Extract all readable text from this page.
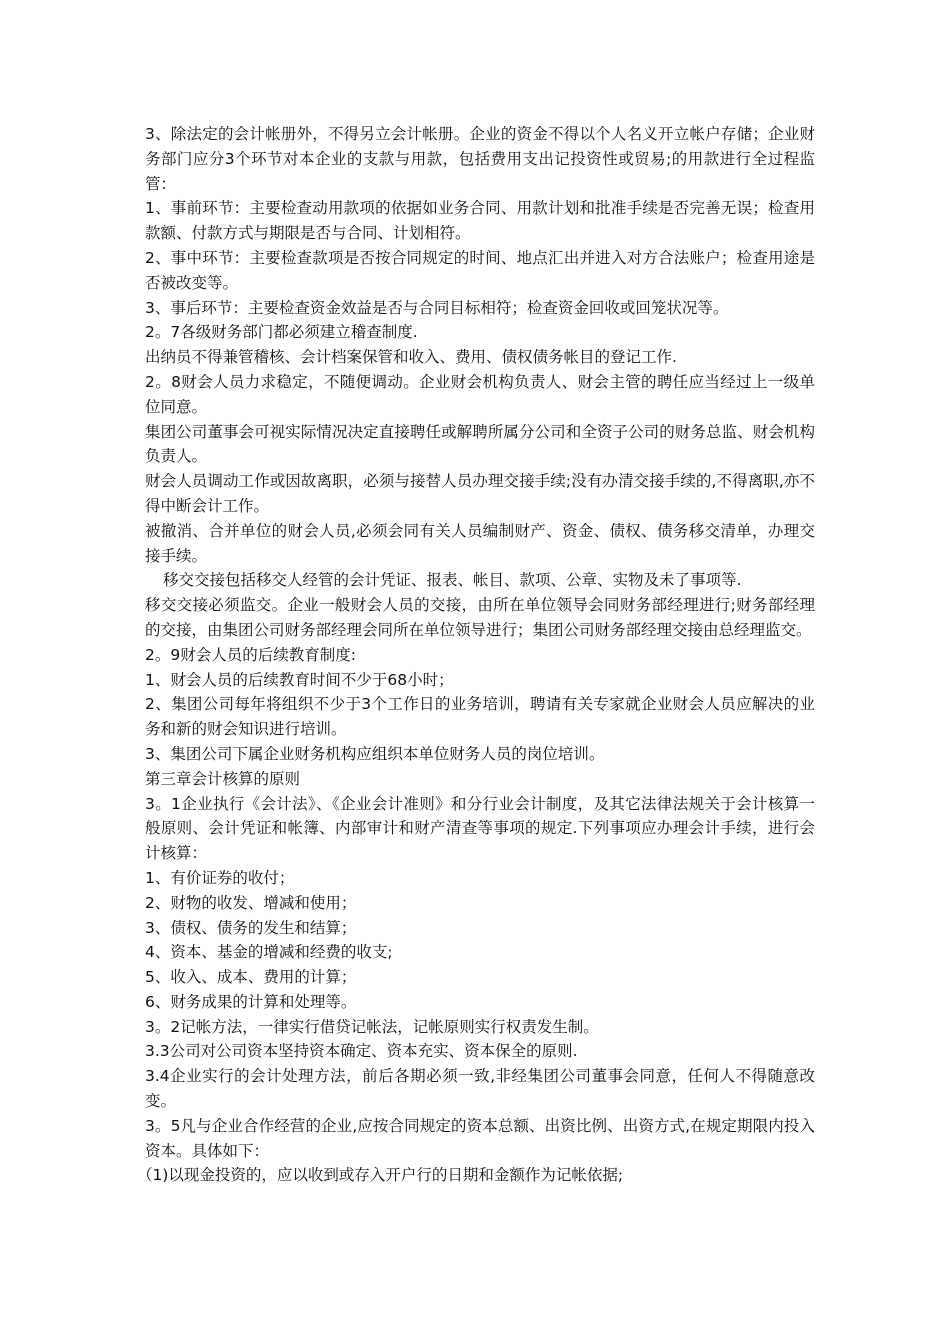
3、除法定的会计帐册外，不得另立会计帐册。企业的资金不得以个人名义开立帐户存储；企业财务部门应分3个环节对本企业的支款与用款，包括费用支出记投资性或贸易;的用款进行全过程监管：

1、事前环节：主要检查动用款项的依据如业务合同、用款计划和批准手续是否完善无误；检查用款额、付款方式与期限是否与合同、计划相符。

2、事中环节：主要检查款项是否按合同规定的时间、地点汇出并进入对方合法账户；检查用途是否被改变等。

3、事后环节：主要检查资金效益是否与合同目标相符；检查资金回收或回笼状况等。

2。7各级财务部门都必须建立稽查制度.

出纳员不得兼管稽核、会计档案保管和收入、费用、债权债务帐目的登记工作.

2。8财会人员力求稳定，不随便调动。企业财会机构负责人、财会主管的聘任应当经过上一级单位同意。

集团公司董事会可视实际情况决定直接聘任或解聘所属分公司和全资子公司的财务总监、财会机构负责人。

财会人员调动工作或因故离职，必须与接替人员办理交接手续;没有办清交接手续的,不得离职,亦不得中断会计工作。

被撤消、合并单位的财会人员,必须会同有关人员编制财产、资金、债权、债务移交清单，办理交接手续。

移交交接包括移交人经管的会计凭证、报表、帐目、款项、公章、实物及未了事项等.

移交交接必须监交。企业一般财会人员的交接，由所在单位领导会同财务部经理进行;财务部经理的交接，由集团公司财务部经理会同所在单位领导进行；集团公司财务部经理交接由总经理监交。

2。9财会人员的后续教育制度:

1、财会人员的后续教育时间不少于68小时；

2、集团公司每年将组织不少于3个工作日的业务培训，聘请有关专家就企业财会人员应解决的业务和新的财会知识进行培训。

3、集团公司下属企业财务机构应组织本单位财务人员的岗位培训。

第三章会计核算的原则

3。1企业执行《会计法》、《企业会计准则》和分行业会计制度，及其它法律法规关于会计核算一般原则、会计凭证和帐簿、内部审计和财产清查等事项的规定.下列事项应办理会计手续，进行会计核算：

1、有价证券的收付；

2、财物的收发、增减和使用；

3、债权、债务的发生和结算；

4、资本、基金的增减和经费的收支;

5、收入、成本、费用的计算；

6、财务成果的计算和处理等。

3。2记帐方法，一律实行借贷记帐法，记帐原则实行权责发生制。

3.3公司对公司资本坚持资本确定、资本充实、资本保全的原则.

3.4企业实行的会计处理方法，前后各期必须一致,非经集团公司董事会同意，任何人不得随意改变。

3。5凡与企业合作经营的企业,应按合同规定的资本总额、出资比例、出资方式,在规定期限内投入资本。具体如下：

（1)以现金投资的，应以收到或存入开户行的日期和金额作为记帐依据;
